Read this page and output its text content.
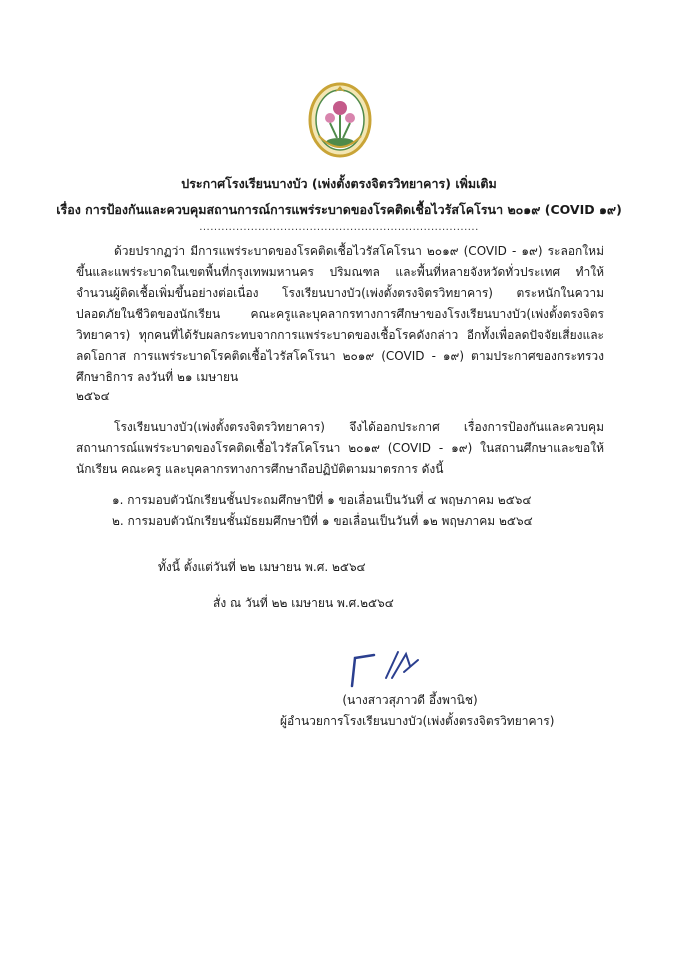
ประกาศโรงเรียนบางบัว (เพ่งตั้งตรงจิตรวิทยาคาร) เพิ่มเติม
เรื่อง การป้องกันและควบคุมสถานการณ์การแพร่ระบาดของโรคติดเชื้อไวรัสโคโรนา ๒๐๑๙ (COVID ๑๙)
............................................................................
ด้วยปรากฏว่า มีการแพร่ระบาดของโรคติดเชื้อไวรัสโคโรนา ๒๐๑๙ (COVID - ๑๙) ระลอกใหม่ขึ้นและแพร่ระบาดในเขตพื้นที่กรุงเทพมหานคร ปริมณฑล และพื้นที่หลายจังหวัดทั่วประเทศ ทำให้จำนวนผู้ติดเชื้อเพิ่มขึ้นอย่างต่อเนื่อง โรงเรียนบางบัว(เพ่งตั้งตรงจิตรวิทยาคาร) ตระหนักในความปลอดภัยในชีวิตของนักเรียน คณะครูและบุคลากรทางการศึกษาของโรงเรียนบางบัว(เพ่งตั้งตรงจิตรวิทยาคาร) ทุกคนที่ได้รับผลกระทบจากการแพร่ระบาดของเชื้อโรคดังกล่าว อีกทั้งเพื่อลดปัจจัยเสี่ยงและลดโอกาส การแพร่ระบาดโรคติดเชื้อไวรัสโคโรนา ๒๐๑๙ (COVID - ๑๙) ตามประกาศของกระทรวงศึกษาธิการ ลงวันที่ ๒๑ เมษายน
๒๕๖๔
โรงเรียนบางบัว(เพ่งตั้งตรงจิตรวิทยาคาร) จึงได้ออกประกาศ เรื่องการป้องกันและควบคุมสถานการณ์แพร่ระบาดของโรคติดเชื้อไวรัสโคโรนา ๒๐๑๙ (COVID - ๑๙) ในสถานศึกษาและขอให้นักเรียน คณะครู และบุคลากรทางการศึกษาถือปฏิบัติตามมาตรการ ดังนี้
๑. การมอบตัวนักเรียนชั้นประถมศึกษาปีที่ ๑ ขอเลื่อนเป็นวันที่ ๔ พฤษภาคม ๒๕๖๔
๒. การมอบตัวนักเรียนชั้นมัธยมศึกษาปีที่ ๑ ขอเลื่อนเป็นวันที่ ๑๒ พฤษภาคม ๒๕๖๔
ทั้งนี้ ตั้งแต่วันที่ ๒๒ เมษายน พ.ศ. ๒๕๖๔
สั่ง ณ วันที่ ๒๒ เมษายน พ.ศ.๒๕๖๔
(นางสาวสุภาวดี อึ้งพานิช)
ผู้อำนวยการโรงเรียนบางบัว(เพ่งตั้งตรงจิตรวิทยาคาร)
